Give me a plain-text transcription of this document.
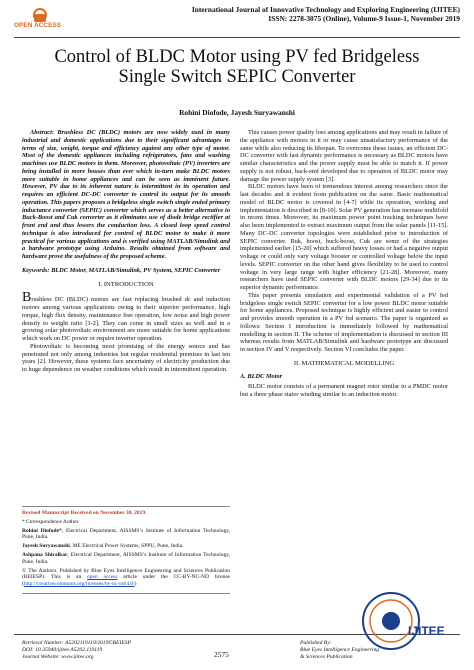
OPEN ACCESS
International Journal of Innovative Technology and Exploring Engineering (IJITEE)
ISSN: 2278-3075 (Online), Volume-9 Issue-1, November 2019
Control of BLDC Motor using PV fed Bridgeless
Single Switch SEPIC Converter
Rohini Diofode, Jayesh Suryawanshi

Abstract: Brushless DC (BLDC) motors are now widely used in many industrial and domestic applications due to their significant advantages in terms of size, weight, torque and efficiency against any other type of motor. Most of the domestic appliances including refrigerators, fans and washing machines use BLDC motors in them. Moreover, photovoltaic (PV) inverters are being installed in more houses than ever which in-turn make BLDC motors more suitable in home appliances and can be seen as imminent future. However, PV due to its inherent nature is intermittent in its operation and requires an efficient DC-DC converter to control its output for its smooth operation. This papers proposes a bridgeless single switch single ended primary inductance converter (SEPIC) converter which serves as a better alternative to Buck-Boost and Cuk converter as it eliminates use of diode bridge rectifier at front end and thus lowers the conduction loss. A closed loop speed control technique is also introduced for control of BLDC motor to make it more practical for various applications and is verified using MATLAB/Simulink and a hardware prototype using Arduino. Results obtained from software and hardware prove the usefulness of the proposed scheme.

Keywords: BLDC Motor, MATLAB/Simulink, PV System, SEPIC Converter

I. INTRODUCTION

Brushless DC (BLDC) motors are fast replacing brushed dc and induction motors among various applications owing to their superior performance, high torque, high flux density, maintenance free operation, low noise and high power density to weight ratio [1-2]. They can come in small sizes as well and in a growing solar photovoltaic environment are more suitable for home applications which work on DC power or require inverter operation.

Photovoltaic is becoming most promising of the energy source and has penetrated not only among industries but regular residential premises in last ten years [2]. However, these systems face uncertainty of electricity production due to huge dependence on weather conditions which result in intermittent operation.

Revised Manuscript Received on November 30, 2019.

* Correspondence Author

Rohini Diofode*, Electrical Department, AISSMS’s Institute of Information Technology, Pune, India.

Jayesh Suryawanshi, ME Electrical Power Systems, SPPU, Pune, India.

Ashpana Shiralkar, Electrical Department, AISSMS’s Institute of Information Technology, Pune, India.

© The Authors. Published by Blue Eyes Intelligence Engineering and Sciences Publication (BEIESP). This is an open access article under the CC-BY-NC-ND license (http://creativecommons.org/licenses/by-nc-nd/4.0/)

This causes power quality loss among applications and may result in failure of the appliance with motors in it or may cause unsatisfactory performance of the same while also reducing its lifespan. To overcome these issues, an efficient DC-DC converter with fast dynamic performance is necessary as BLDC motors have similar characteristics and the power supply must be able to match it. If power supply is not robust, back-emf developed due to operation of BLDC motor may damage the power supply system [3].

BLDC motors have been of tremendous interest among researchers since the last decades and it evident from publication on the same. Basic mathematical model of BLDC motor is covered in [4-7] while its operation, working and implementation is described in [8-10]. Solar PV generation has increase multifold in recent times. Moreover, its maximum power point tracking techniques have also been implemented to extract maximum output from the solar panels [11-15]. Many DC-DC converter topologies were established prior to introduction of SEPIC converter. Buk, boost, buck-boost, Cuk are some of the strategies implemented earlier [15-20] which suffered heavy losses or had a negative output voltage or could only vary voltage booster or controlled voltage below the input levels. SEPIC converter on the other hand gives flexibility to be used to control voltage in very large range with higher efficiency [21-28]. Moreover, many researchers have used SEPIC converter with BLDC motors [29-34] due to its superior dynamic performance.

This paper presents simulation and experimental validation of a PV fed bridgeless single switch SEPIC converter for a low power BLDC motor suitable for home appliances. Proposed technique is highly efficient and easier to control and provides smooth operation in a PV fed scenario. The paper is organized as follows: Section I introduction is immediately followed by mathematical modelling in section II. The scheme of implementation is discussed in section III whereas results from MATLAB/Simulink and hardware prototype are discussed in section IV and V respectively. Section VI concludes the paper.

II. MATHEMATICAL MODELLING

A. BLDC Motor

BLDC motor consists of a permanent magnet rotor similar to a PMDC motor but a three phase stator winding similar to an induction motor.

Retrieval Number: A5202119119/2019©BEIESP
DOI: 10.35940/ijitee.A5202.119119
Journal Website: www.ijitee.org	2575
Published By:
Blue Eyes Intelligence Engineering
& Sciences Publication
IJITEE
